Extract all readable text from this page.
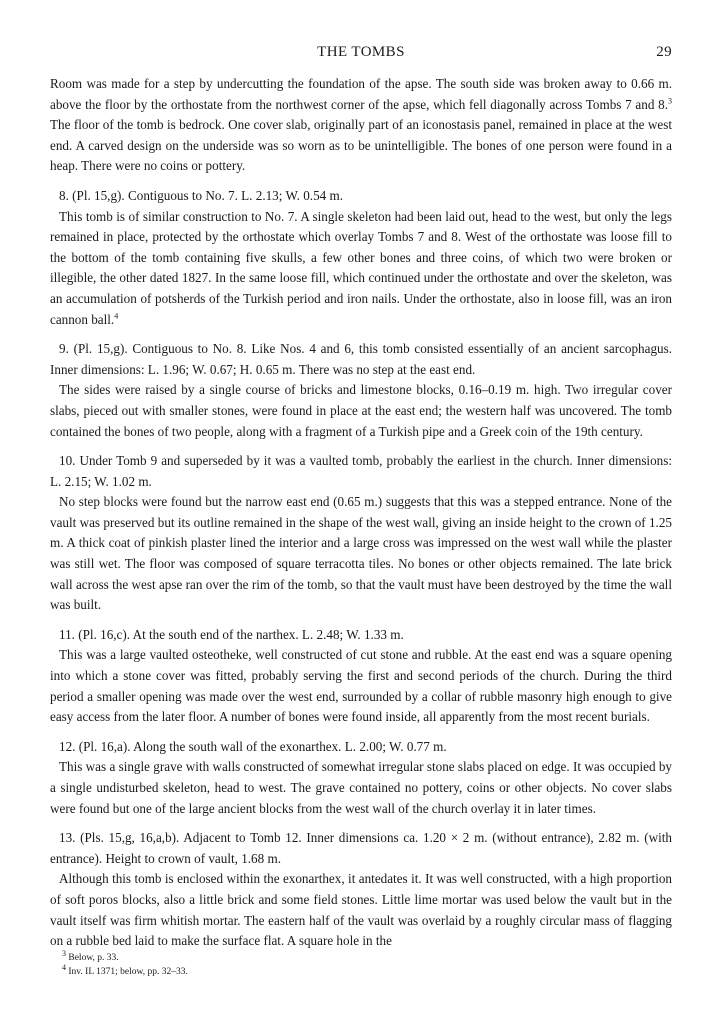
THE TOMBS	29

Room was made for a step by undercutting the foundation of the apse. The south side was broken away to 0.66 m. above the floor by the orthostate from the northwest corner of the apse, which fell diagonally across Tombs 7 and 8.$^3$ The floor of the tomb is bedrock. One cover slab, originally part of an iconostasis panel, remained in place at the west end. A carved design on the underside was so worn as to be unintelligible. The bones of one person were found in a heap. There were no coins or pottery.

8. (Pl. 15,g). Contiguous to No. 7. L. 2.13; W. 0.54 m.

This tomb is of similar construction to No. 7. A single skeleton had been laid out, head to the west, but only the legs remained in place, protected by the orthostate which overlay Tombs 7 and 8. West of the orthostate was loose fill to the bottom of the tomb containing five skulls, a few other bones and three coins, of which two were broken or illegible, the other dated 1827. In the same loose fill, which continued under the orthostate and over the skeleton, was an accumulation of potsherds of the Turkish period and iron nails. Under the orthostate, also in loose fill, was an iron cannon ball.$^4$

9. (Pl. 15,g). Contiguous to No. 8. Like Nos. 4 and 6, this tomb consisted essentially of an ancient sarcophagus. Inner dimensions: L. 1.96; W. 0.67; H. 0.65 m. There was no step at the east end.

The sides were raised by a single course of bricks and limestone blocks, 0.16–0.19 m. high. Two irregular cover slabs, pieced out with smaller stones, were found in place at the east end; the western half was uncovered. The tomb contained the bones of two people, along with a fragment of a Turkish pipe and a Greek coin of the 19th century.

10. Under Tomb 9 and superseded by it was a vaulted tomb, probably the earliest in the church. Inner dimensions: L. 2.15; W. 1.02 m.

No step blocks were found but the narrow east end (0.65 m.) suggests that this was a stepped entrance. None of the vault was preserved but its outline remained in the shape of the west wall, giving an inside height to the crown of 1.25 m. A thick coat of pinkish plaster lined the interior and a large cross was impressed on the west wall while the plaster was still wet. The floor was composed of square terracotta tiles. No bones or other objects remained. The late brick wall across the west apse ran over the rim of the tomb, so that the vault must have been destroyed by the time the wall was built.

11. (Pl. 16,c). At the south end of the narthex. L. 2.48; W. 1.33 m.

This was a large vaulted osteotheke, well constructed of cut stone and rubble. At the east end was a square opening into which a stone cover was fitted, probably serving the first and second periods of the church. During the third period a smaller opening was made over the west end, surrounded by a collar of rubble masonry high enough to give easy access from the later floor. A number of bones were found inside, all apparently from the most recent burials.

12. (Pl. 16,a). Along the south wall of the exonarthex. L. 2.00; W. 0.77 m.

This was a single grave with walls constructed of somewhat irregular stone slabs placed on edge. It was occupied by a single undisturbed skeleton, head to west. The grave contained no pottery, coins or other objects. No cover slabs were found but one of the large ancient blocks from the west wall of the church overlay it in later times.

13. (Pls. 15,g, 16,a,b). Adjacent to Tomb 12. Inner dimensions ca. 1.20 × 2 m. (without entrance), 2.82 m. (with entrance). Height to crown of vault, 1.68 m.

Although this tomb is enclosed within the exonarthex, it antedates it. It was well constructed, with a high proportion of soft poros blocks, also a little brick and some field stones. Little lime mortar was used below the vault but in the vault itself was firm whitish mortar. The eastern half of the vault was overlaid by a roughly circular mass of flagging on a rubble bed laid to make the surface flat. A square hole in the

$^3$ Below, p. 33.

$^4$ Inv. IL 1371; below, pp. 32–33.
